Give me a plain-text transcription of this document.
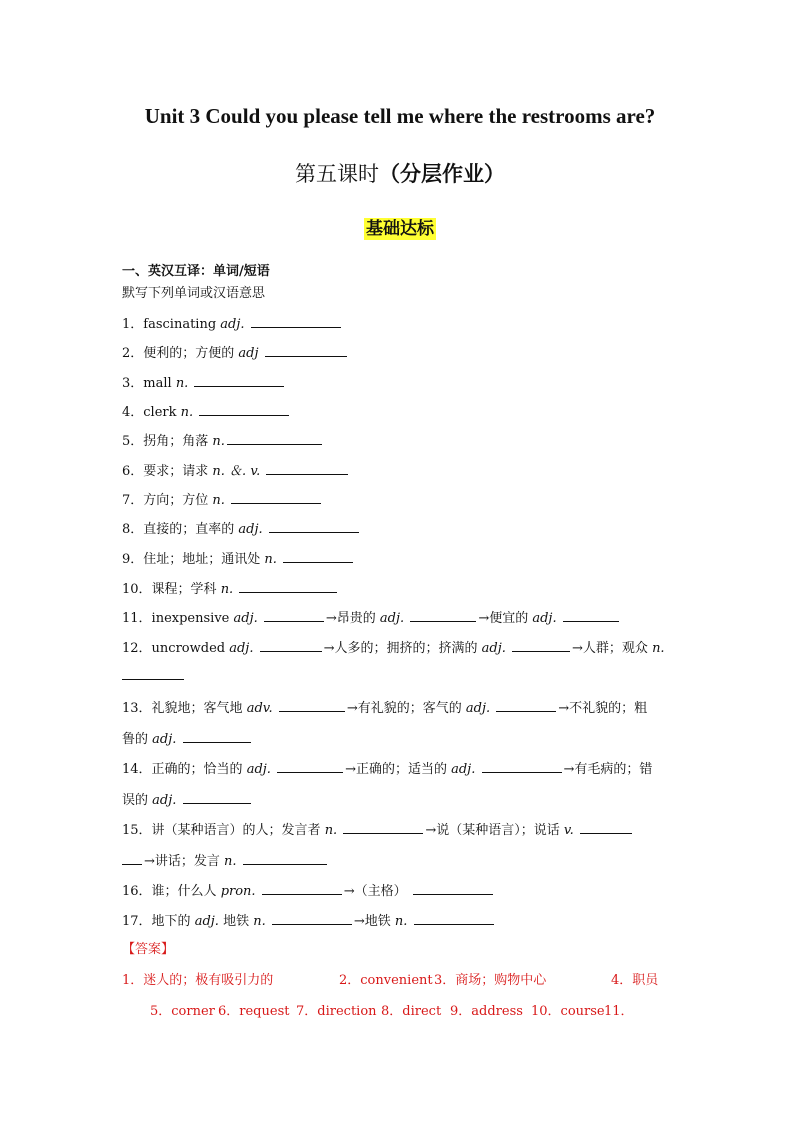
Unit 3 Could you please tell me where the restrooms are?
第五课时（分层作业）
基础达标
一、英汉互译：单词/短语
默写下列单词或汉语意思
1．fascinating adj.
2．便利的；方便的 adj
3．mall n.
4．clerk n.
5．拐角；角落 n.
6．要求；请求 n. ＆. v.
7．方向；方位 n.
8．直接的；直率的 adj.
9．住址；地址；通讯处 n.
10．课程；学科 n.
11．inexpensive adj.	→昂贵的 adj.	→便宜的 adj.
12．uncrowded adj.	→人多的；拥挤的；挤满的 adj.	→人群；观众 n.
13．礼貌地；客气地 adv.	→有礼貌的；客气的 adj.	→不礼貌的；粗
鲁的 adj.
14．正确的；恰当的 adj.	→正确的；适当的 adj.	→有毛病的；错
误的 adj.
15．讲（某种语言）的人；发言者 n.	→说（某种语言）；说话 v.
→讲话；发言 n.
16．谁；什么人 pron.	→（主格）
17．地下的 adj. 地铁 n.	→地铁 n.
【答案】
1．迷人的；极有吸引力的	2．convenient 3．商场；购物中心	4．职员
5．corner 6．request 7．direction 8．direct 9．address 10．course 11．
